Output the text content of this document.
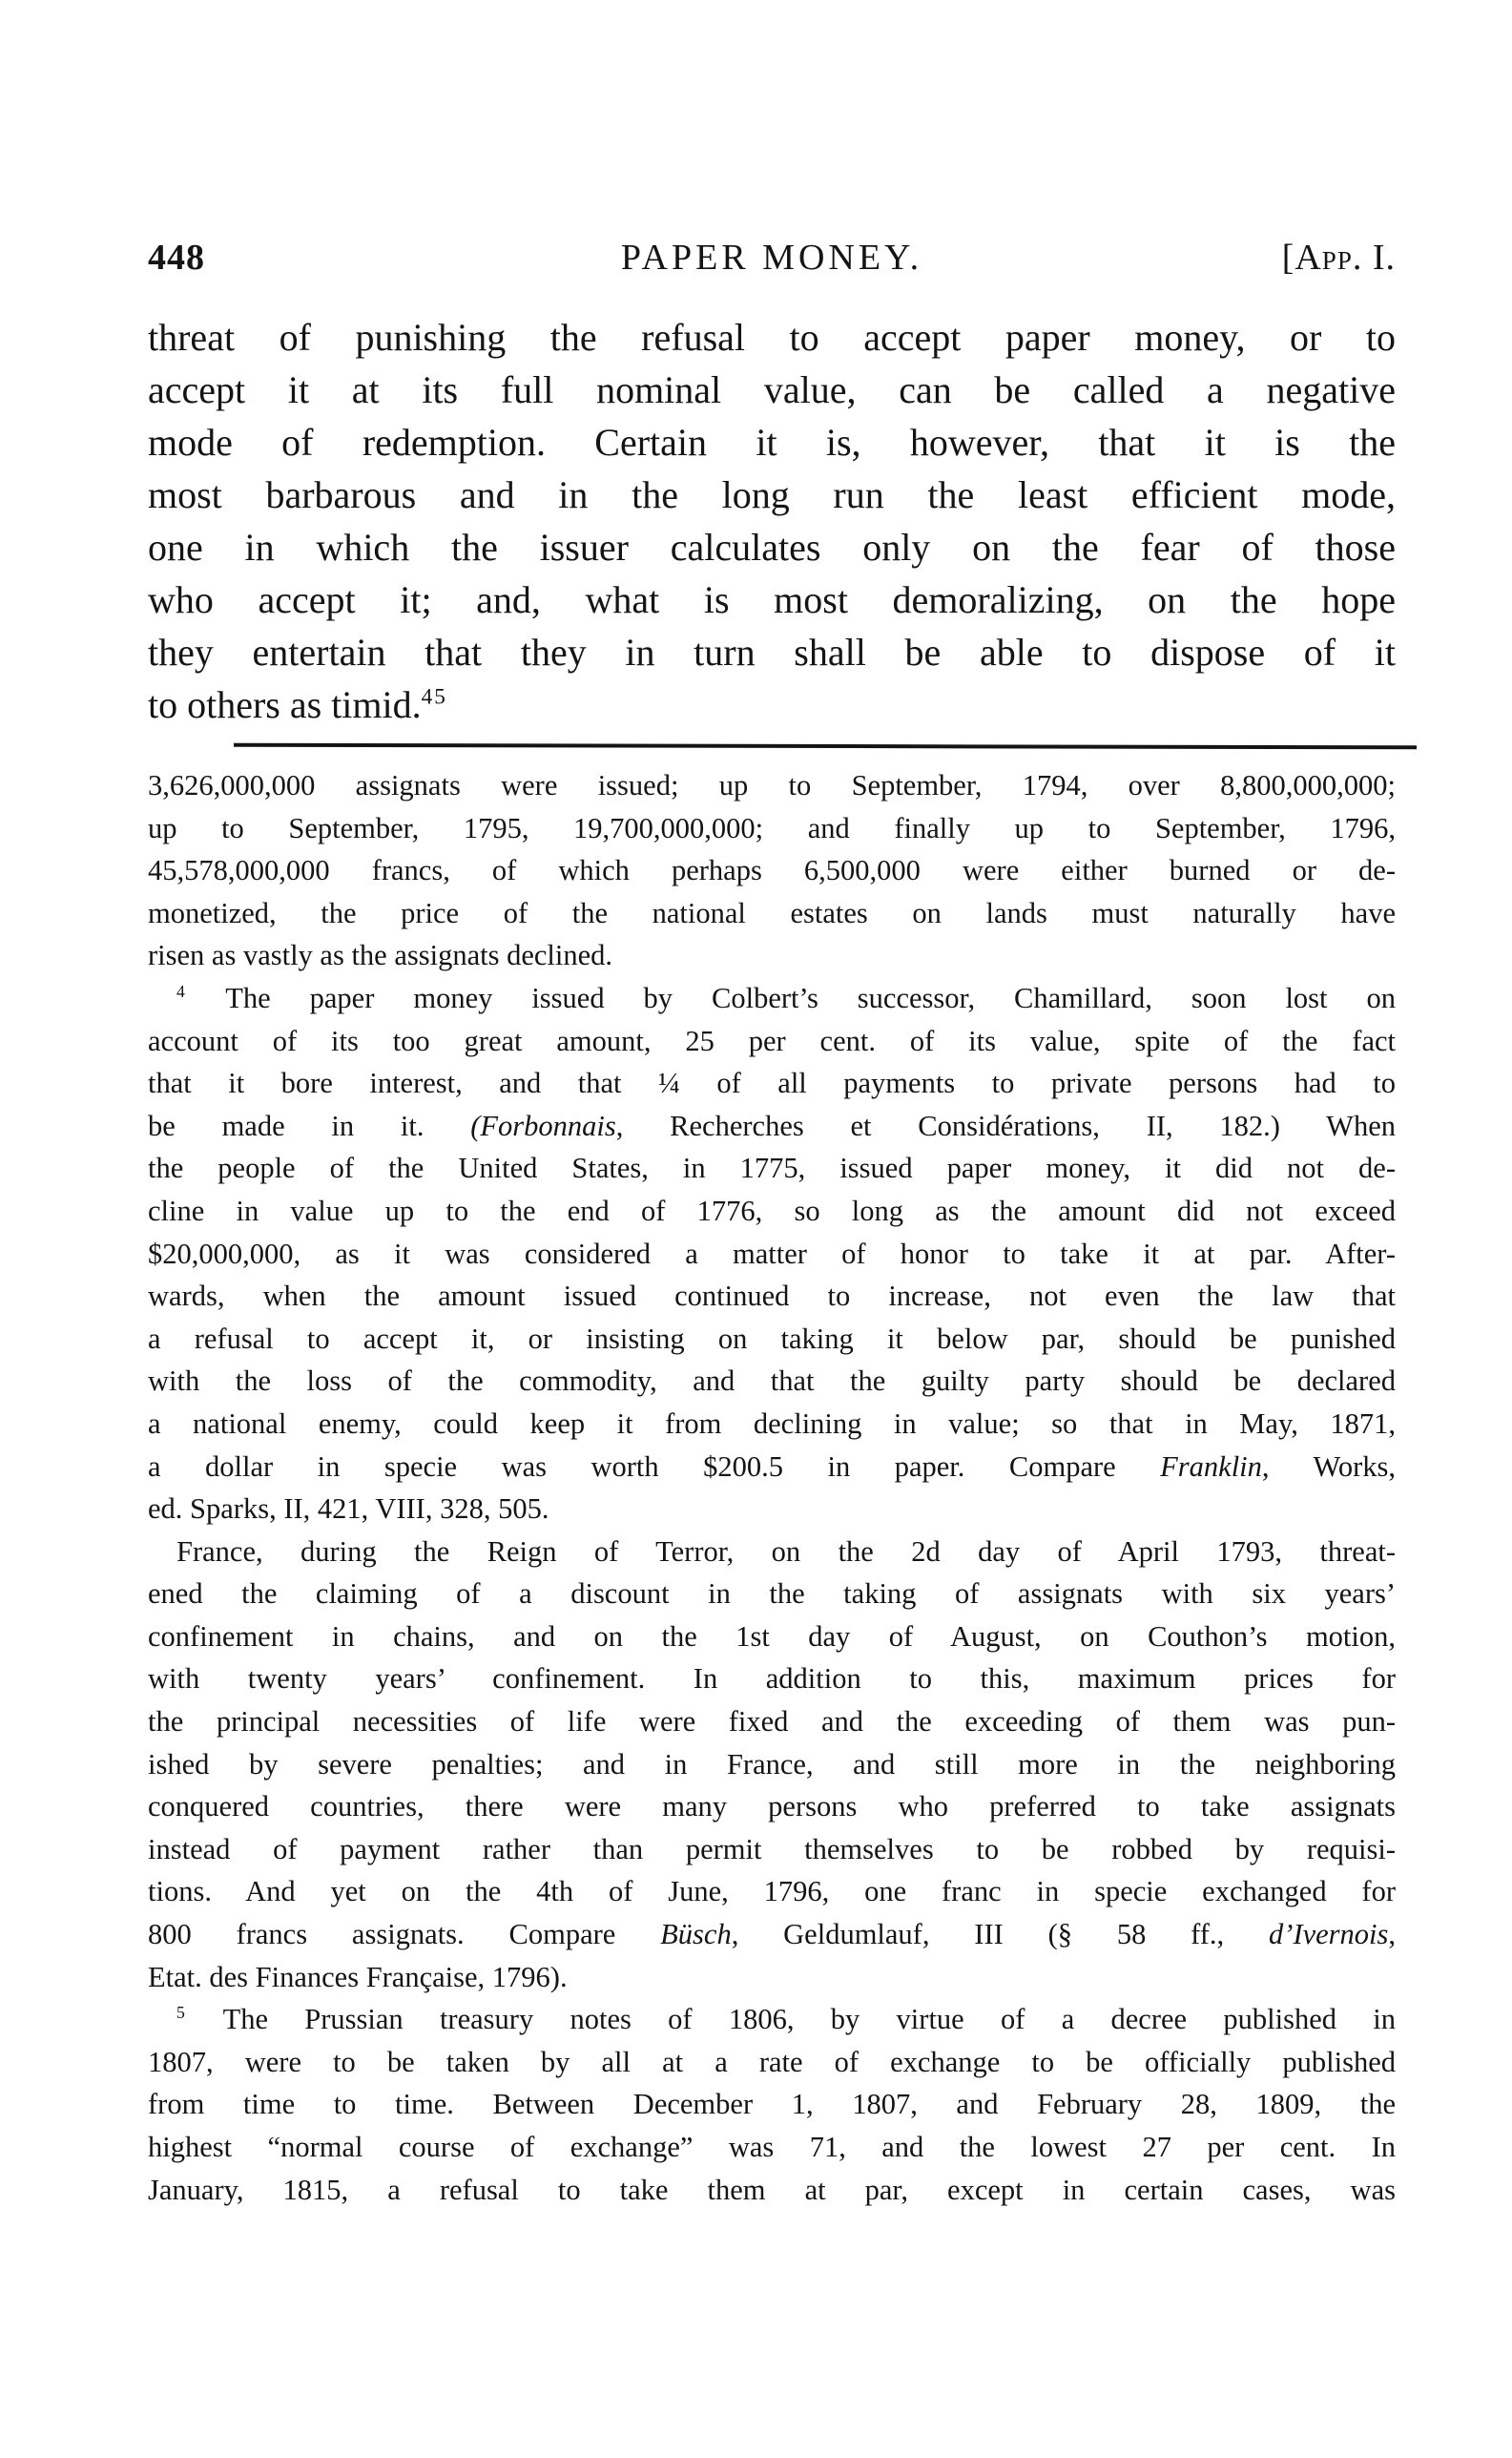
448	PAPER MONEY.	[App. I.
threat of punishing the refusal to accept paper money, or to
accept it at its full nominal value, can be called a negative
mode of redemption. Certain it is, however, that it is the
most barbarous and in the long run the least efficient mode,
one in which the issuer calculates only on the fear of those
who accept it; and, what is most demoralizing, on the hope
they entertain that they in turn shall be able to dispose of it
to others as timid.$^{45}$
3,626,000,000 assignats were issued; up to September, 1794, over 8,800,000,000;
up to September, 1795, 19,700,000,000; and finally up to September, 1796,
45,578,000,000 francs, of which perhaps 6,500,000 were either burned or de-
monetized, the price of the national estates on lands must naturally have
risen as vastly as the assignats declined.
$^4$ The paper money issued by Colbert’s successor, Chamillard, soon lost on
account of its too great amount, 25 per cent. of its value, spite of the fact
that it bore interest, and that ¼ of all payments to private persons had to
be made in it. (Forbonnais, Recherches et Considérations, II, 182.) When
the people of the United States, in 1775, issued paper money, it did not de-
cline in value up to the end of 1776, so long as the amount did not exceed
$20,000,000, as it was considered a matter of honor to take it at par. After-
wards, when the amount issued continued to increase, not even the law that
a refusal to accept it, or insisting on taking it below par, should be punished
with the loss of the commodity, and that the guilty party should be declared
a national enemy, could keep it from declining in value; so that in May, 1871,
a dollar in specie was worth $200.5 in paper. Compare Franklin, Works,
ed. Sparks, II, 421, VIII, 328, 505.
France, during the Reign of Terror, on the 2d day of April 1793, threat-
ened the claiming of a discount in the taking of assignats with six years’
confinement in chains, and on the 1st day of August, on Couthon’s motion,
with twenty years’ confinement. In addition to this, maximum prices for
the principal necessities of life were fixed and the exceeding of them was pun-
ished by severe penalties; and in France, and still more in the neighboring
conquered countries, there were many persons who preferred to take assignats
instead of payment rather than permit themselves to be robbed by requisi-
tions. And yet on the 4th of June, 1796, one franc in specie exchanged for
800 francs assignats. Compare Büsch, Geldumlauf, III (§ 58 ff., d’Ivernois,
Etat. des Finances Française, 1796).
$^5$ The Prussian treasury notes of 1806, by virtue of a decree published in
1807, were to be taken by all at a rate of exchange to be officially published
from time to time. Between December 1, 1807, and February 28, 1809, the
highest “normal course of exchange” was 71, and the lowest 27 per cent. In
January, 1815, a refusal to take them at par, except in certain cases, was
